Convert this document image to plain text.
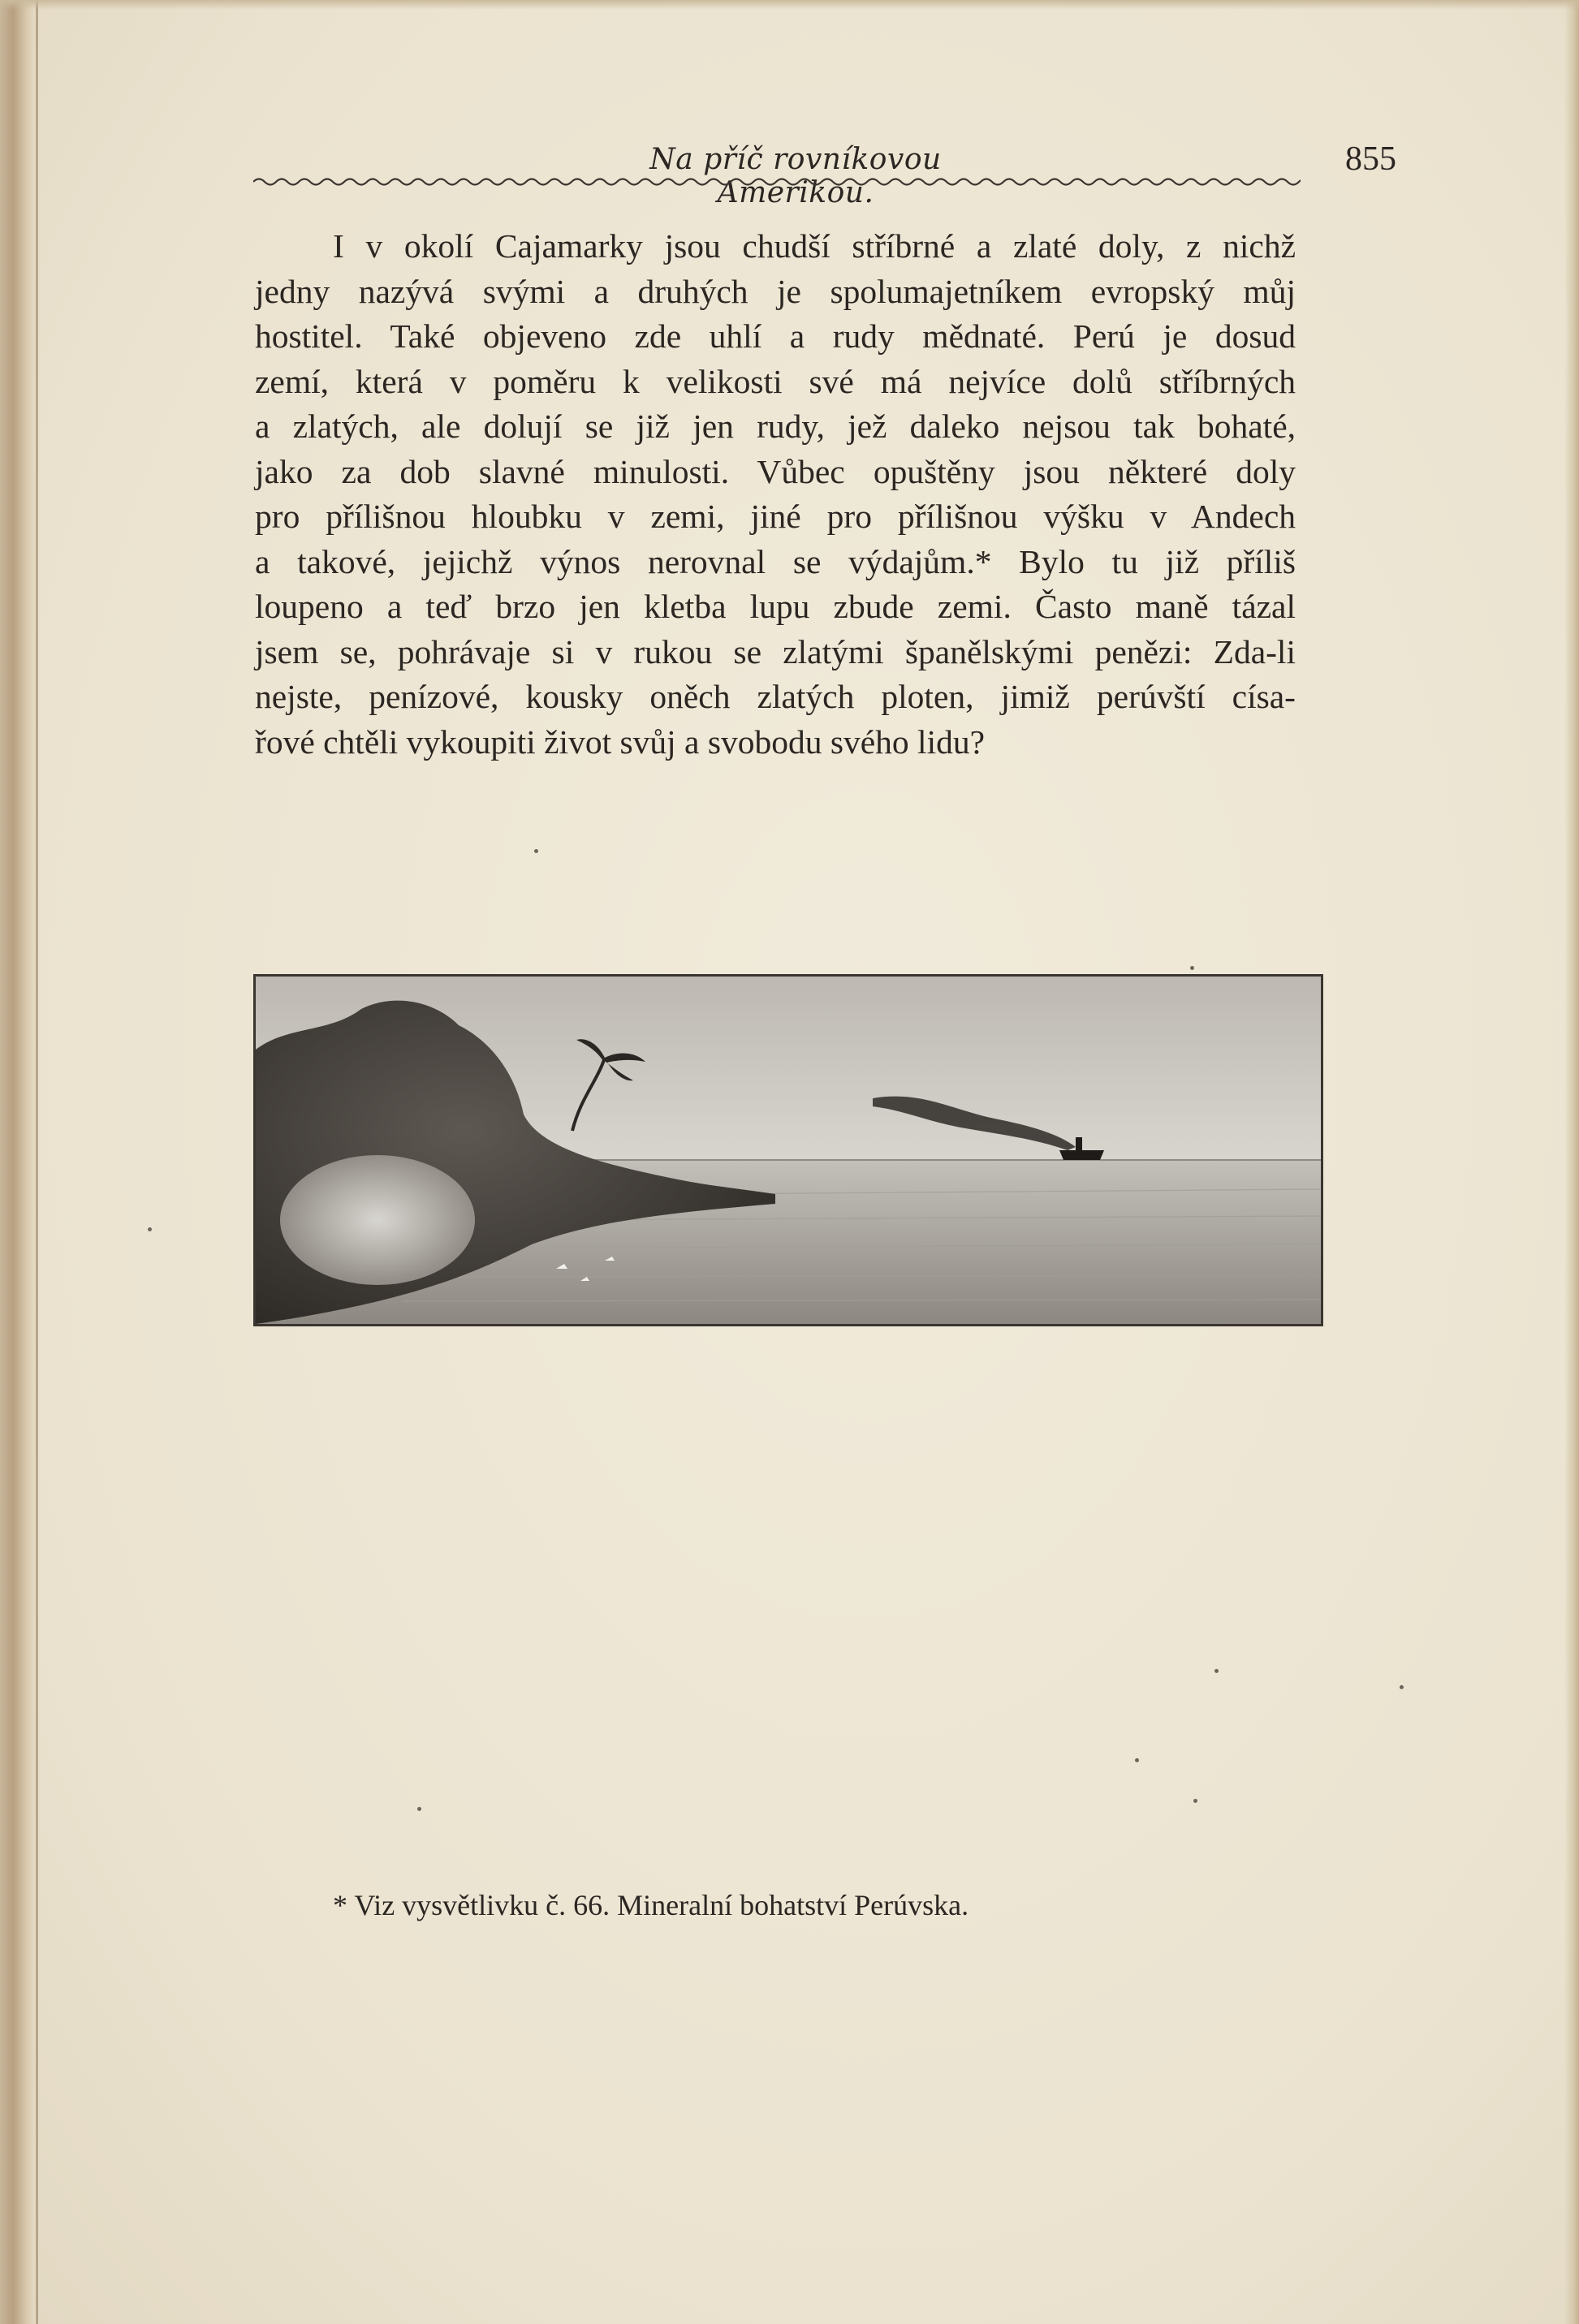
Na příč rovníkovou Amerikou.
855
I v okolí Cajamarky jsou chudší stříbrné a zlaté doly, z nichž
jedny nazývá svými a druhých je spolumajetníkem evropský můj
hostitel. Také objeveno zde uhlí a rudy mědnaté. Perú je dosud
zemí, která v poměru k velikosti své má nejvíce dolů stříbrných
a zlatých, ale dolují se již jen rudy, jež daleko nejsou tak bohaté,
jako za dob slavné minulosti. Vůbec opuštěny jsou některé doly
pro přílišnou hloubku v zemi, jiné pro přílišnou výšku v Andech
a takové, jejichž výnos nerovnal se výdajům.* Bylo tu již příliš
loupeno a teď brzo jen kletba lupu zbude zemi. Často maně tázal
jsem se, pohrávaje si v rukou se zlatými španělskými penězi: Zda-li
nejste, penízové, kousky oněch zlatých ploten, jimiž perúvští císa-
řové chtěli vykoupiti život svůj a svobodu svého lidu?
* Viz vysvětlivku č. 66. Mineralní bohatství Perúvska.
